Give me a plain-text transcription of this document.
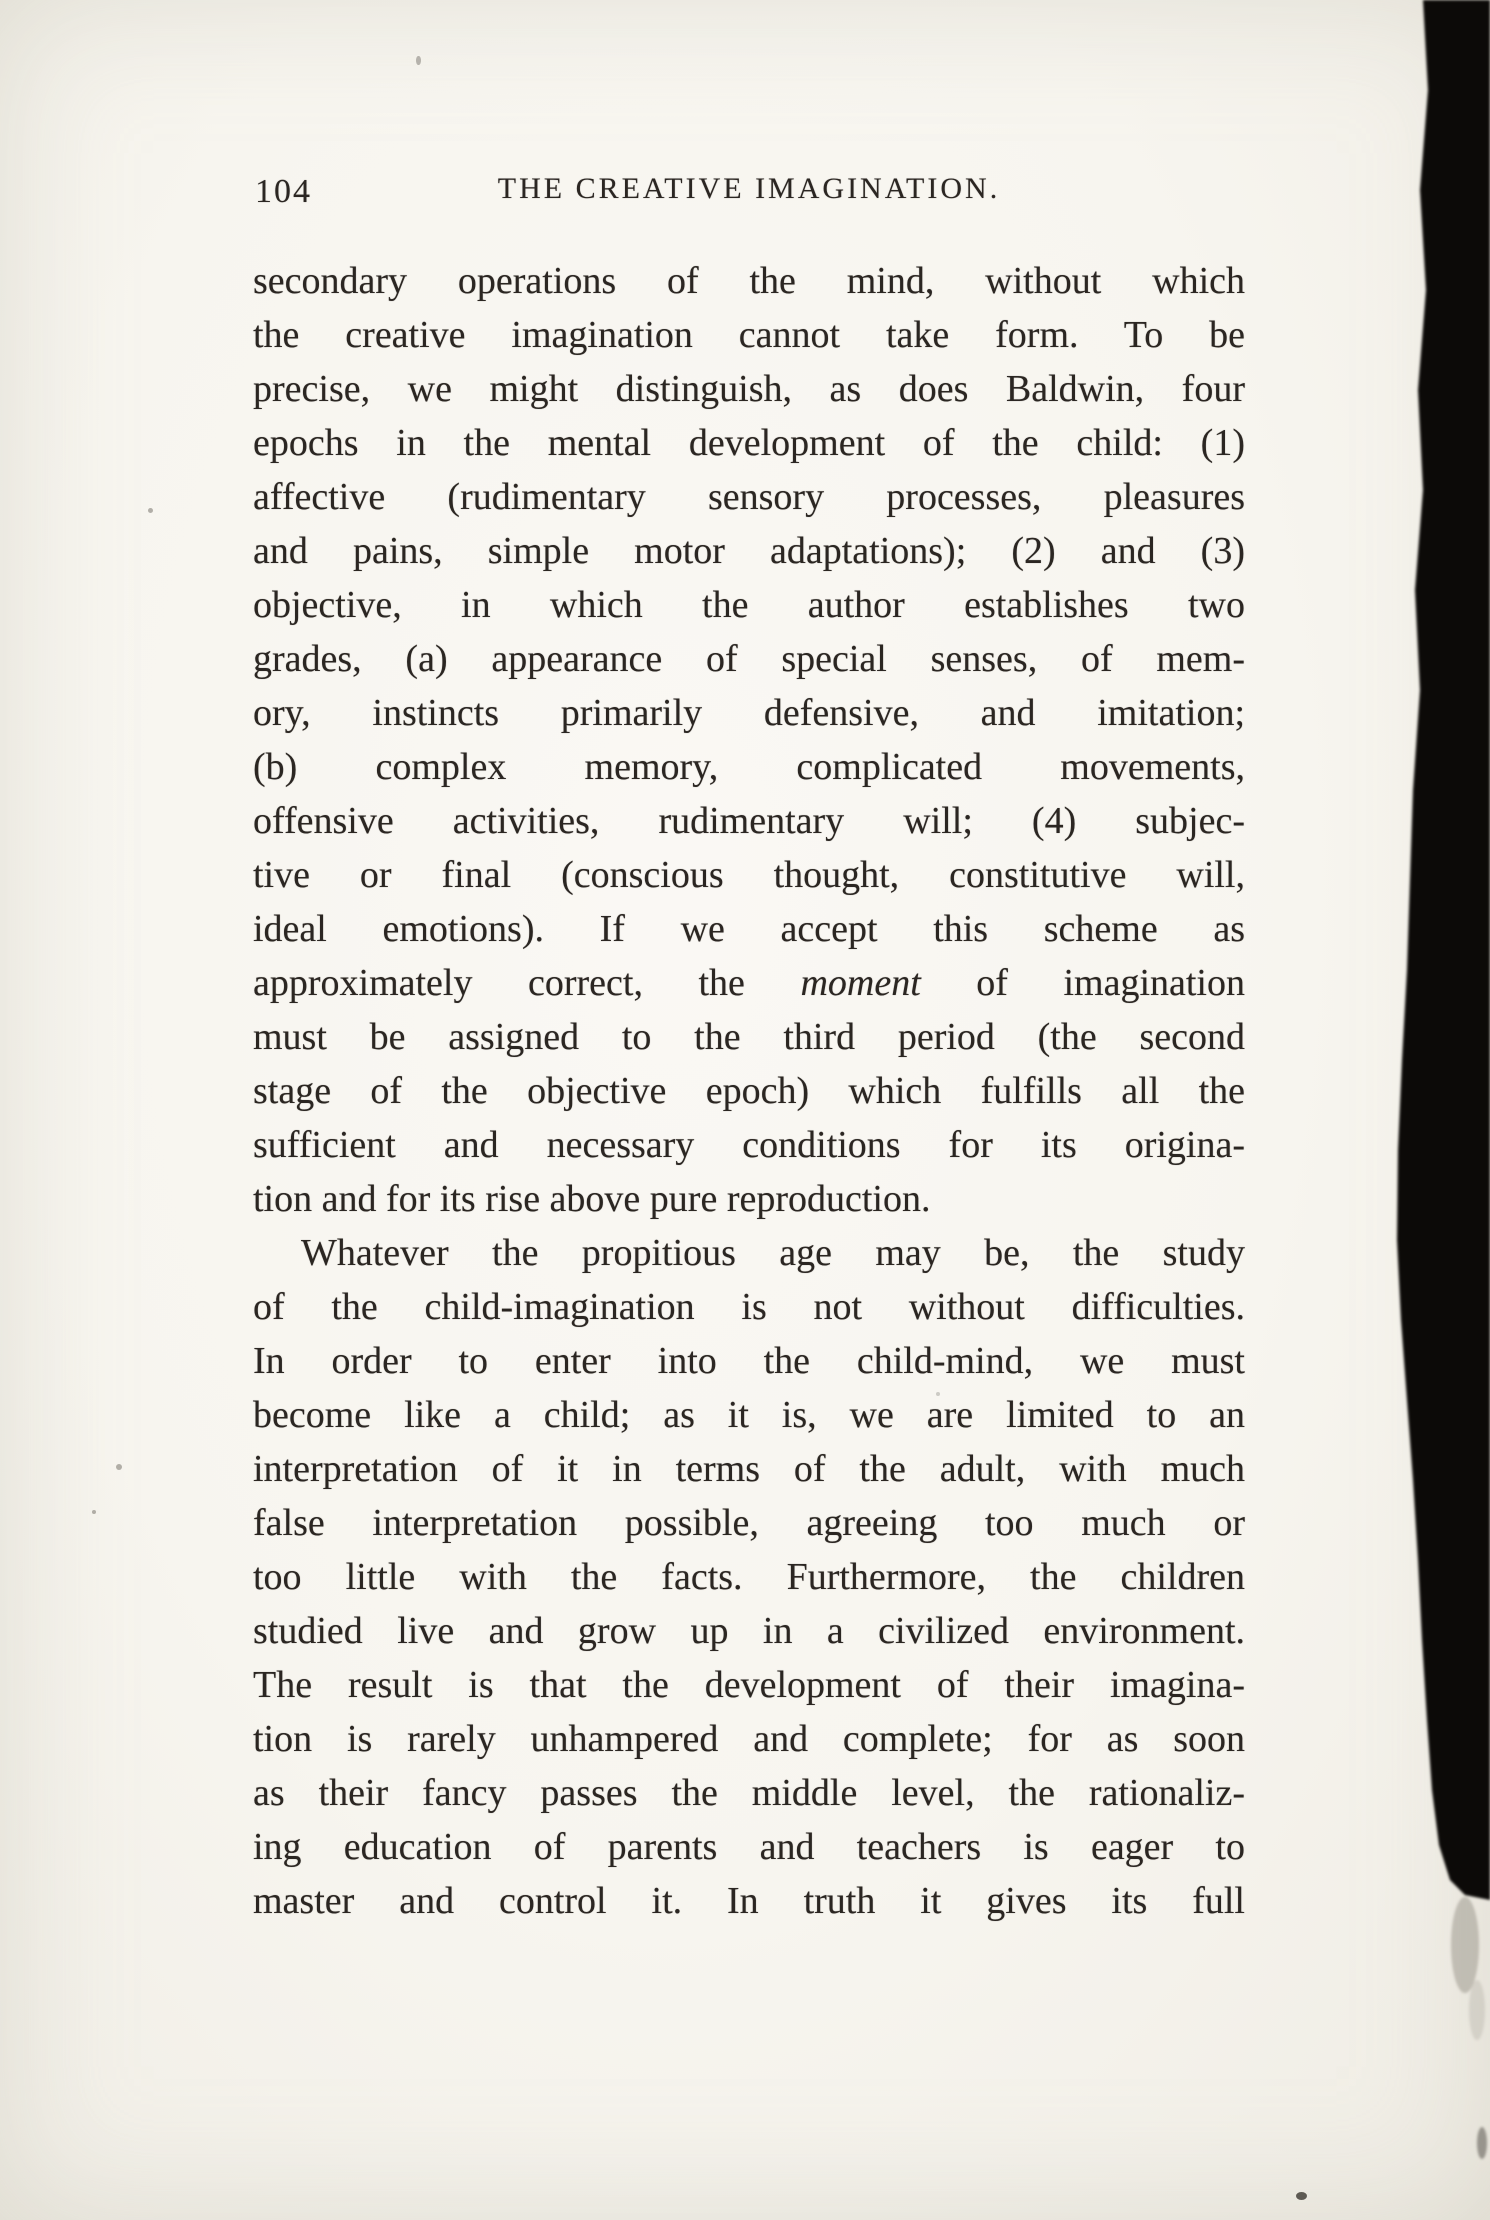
104	THE CREATIVE IMAGINATION.
secondary operations of the mind, without which
the creative imagination cannot take form. To be
precise, we might distinguish, as does Baldwin, four
epochs in the mental development of the child: (1)
affective (rudimentary sensory processes, pleasures
and pains, simple motor adaptations); (2) and (3)
objective, in which the author establishes two
grades, (a) appearance of special senses, of mem-
ory, instincts primarily defensive, and imitation;
(b) complex memory, complicated movements,
offensive activities, rudimentary will; (4) subjec-
tive or final (conscious thought, constitutive will,
ideal emotions). If we accept this scheme as
approximately correct, the moment of imagination
must be assigned to the third period (the second
stage of the objective epoch) which fulfills all the
sufficient and necessary conditions for its origina-
tion and for its rise above pure reproduction.
Whatever the propitious age may be, the study
of the child-imagination is not without difficulties.
In order to enter into the child-mind, we must
become like a child; as it is, we are limited to an
interpretation of it in terms of the adult, with much
false interpretation possible, agreeing too much or
too little with the facts. Furthermore, the children
studied live and grow up in a civilized environment.
The result is that the development of their imagina-
tion is rarely unhampered and complete; for as soon
as their fancy passes the middle level, the rationaliz-
ing education of parents and teachers is eager to
master and control it. In truth it gives its full
